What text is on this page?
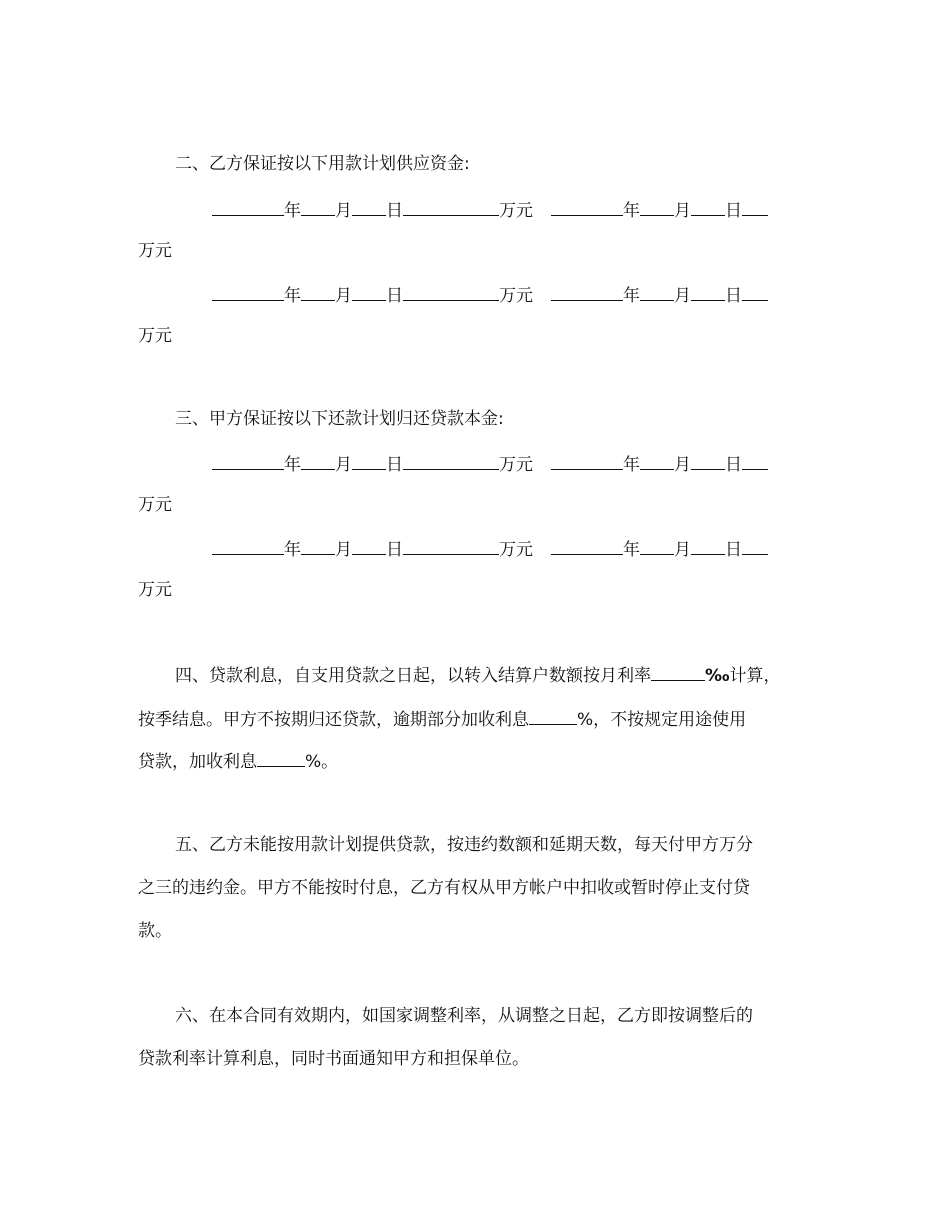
二、乙方保证按以下用款计划供应资金:
年 月 日	万元	年 月 日
万元
年 月 日	万元	年 月 日
万元
三、甲方保证按以下还款计划归还贷款本金:
年 月 日	万元	年 月 日
万元
年 月 日	万元	年 月 日
万元
四、贷款利息，自支用贷款之日起，以转入结算户数额按月利率	‰计算，
按季结息。甲方不按期归还贷款，逾期部分加收利息	%，不按规定用途使用
贷款，加收利息	%。
五、乙方未能按用款计划提供贷款，按违约数额和延期天数，每天付甲方万分
之三的违约金。甲方不能按时付息，乙方有权从甲方帐户中扣收或暂时停止支付贷
款。
六、在本合同有效期内，如国家调整利率，从调整之日起，乙方即按调整后的
贷款利率计算利息，同时书面通知甲方和担保单位。
